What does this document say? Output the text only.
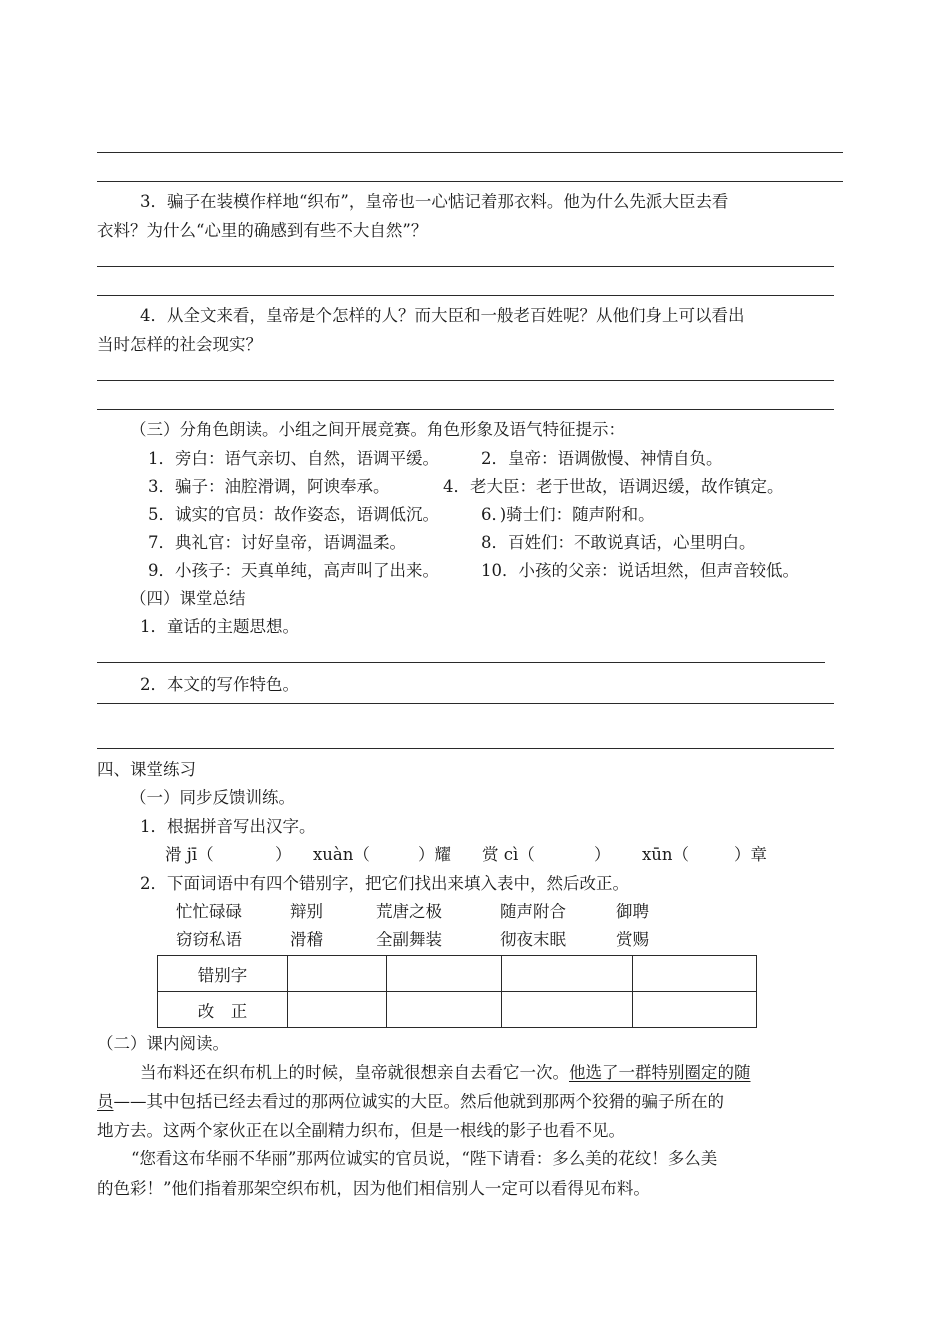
3．骗子在装模作样地“织布”，皇帝也一心惦记着那衣料。他为什么先派大臣去看
衣料？为什么“心里的确感到有些不大自然”？
4．从全文来看，皇帝是个怎样的人？而大臣和一般老百姓呢？从他们身上可以看出
当时怎样的社会现实？
（三）分角色朗读。小组之间开展竞赛。角色形象及语气特征提示：
1．旁白：语气亲切、自然，语调平缓。	2．皇帝：语调傲慢、神情自负。
3．骗子：油腔滑调，阿谀奉承。	4．老大臣：老于世故，语调迟缓，故作镇定。
5．诚实的官员：故作姿态，语调低沉。	6．)骑士们：随声附和。
7．典礼官：讨好皇帝，语调温柔。	8．百姓们：不敢说真话，心里明白。
9．小孩子：天真单纯，高声叫了出来。	10．小孩的父亲：说话坦然，但声音较低。
（四）课堂总结
1．童话的主题思想。
2．本文的写作特色。
四、课堂练习
（一）同步反馈训练。
1．根据拼音写出汉字。
滑 jī（	） xuàn（	）耀 赏 cì（	） xūn（	）章
2．下面词语中有四个错别字，把它们找出来填入表中，然后改正。
忙忙碌碌	辩别	荒唐之极	随声附合	御聘
窃窃私语	滑稽	全副舞装	彻夜末眠	赏赐
错别字				
改　正				
（二）课内阅读。
当布料还在织布机上的时候，皇帝就很想亲自去看它一次。 他选了一群特别圈定的随
员 ——其中包括已经去看过的那两位诚实的大臣。然后他就到那两个狡猾的骗子所在的
地方去。这两个家伙正在以全副精力织布，但是一根线的影子也看不见。
“您看这布华丽不华丽”那两位诚实的官员说，“陛下请看：多么美的花纹！多么美
的色彩！”他们指着那架空织布机，因为他们相信别人一定可以看得见布料。
